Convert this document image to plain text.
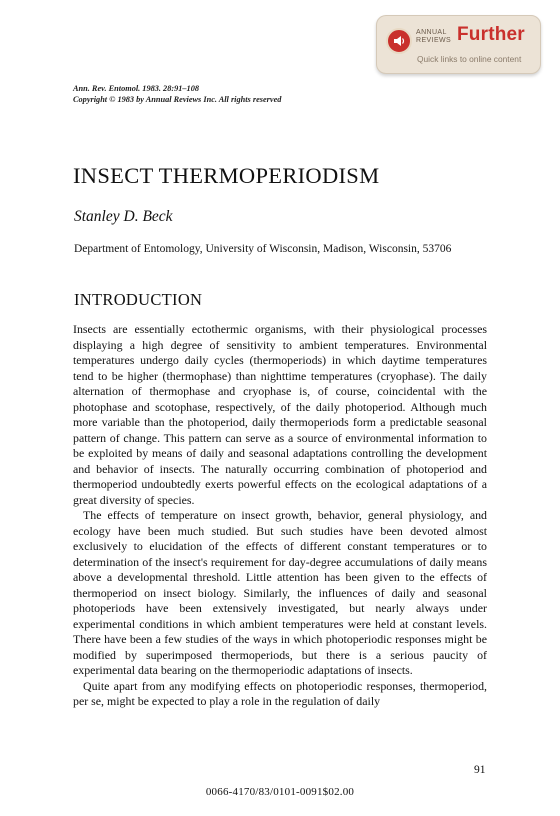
ANNUAL
REVIEWS Further
Quick links to online content
Ann. Rev. Entomol. 1983. 28:91–108
Copyright © 1983 by Annual Reviews Inc. All rights reserved
INSECT THERMOPERIODISM
Stanley D. Beck
Department of Entomology, University of Wisconsin, Madison, Wisconsin, 53706
INTRODUCTION

Insects are essentially ectothermic organisms, with their physiological processes displaying a high degree of sensitivity to ambient temperatures. Environmental temperatures undergo daily cycles (thermoperiods) in which daytime temperatures tend to be higher (thermophase) than nighttime temperatures (cryophase). The daily alternation of thermophase and cryophase is, of course, coincidental with the photophase and scotophase, respectively, of the daily photoperiod. Although much more variable than the photoperiod, daily thermoperiods form a predictable seasonal pattern of change. This pattern can serve as a source of environmental information to be exploited by means of daily and seasonal adaptations controlling the development and behavior of insects. The naturally occurring combination of photoperiod and thermoperiod undoubtedly exerts powerful effects on the ecological adaptations of a great diversity of species.

The effects of temperature on insect growth, behavior, general physiology, and ecology have been much studied. But such studies have been devoted almost exclusively to elucidation of the effects of different constant temperatures or to determination of the insect's requirement for day-degree accumulations of daily means above a developmental threshold. Little attention has been given to the effects of thermoperiod on insect biology. Similarly, the influences of daily and seasonal photoperiods have been extensively investigated, but nearly always under experimental conditions in which ambient temperatures were held at constant levels. There have been a few studies of the ways in which photoperiodic responses might be modified by superimposed thermoperiods, but there is a serious paucity of experimental data bearing on the thermoperiodic adaptations of insects.

Quite apart from any modifying effects on photoperiodic responses, thermoperiod, per se, might be expected to play a role in the regulation of daily

91
0066-4170/83/0101-0091$02.00
